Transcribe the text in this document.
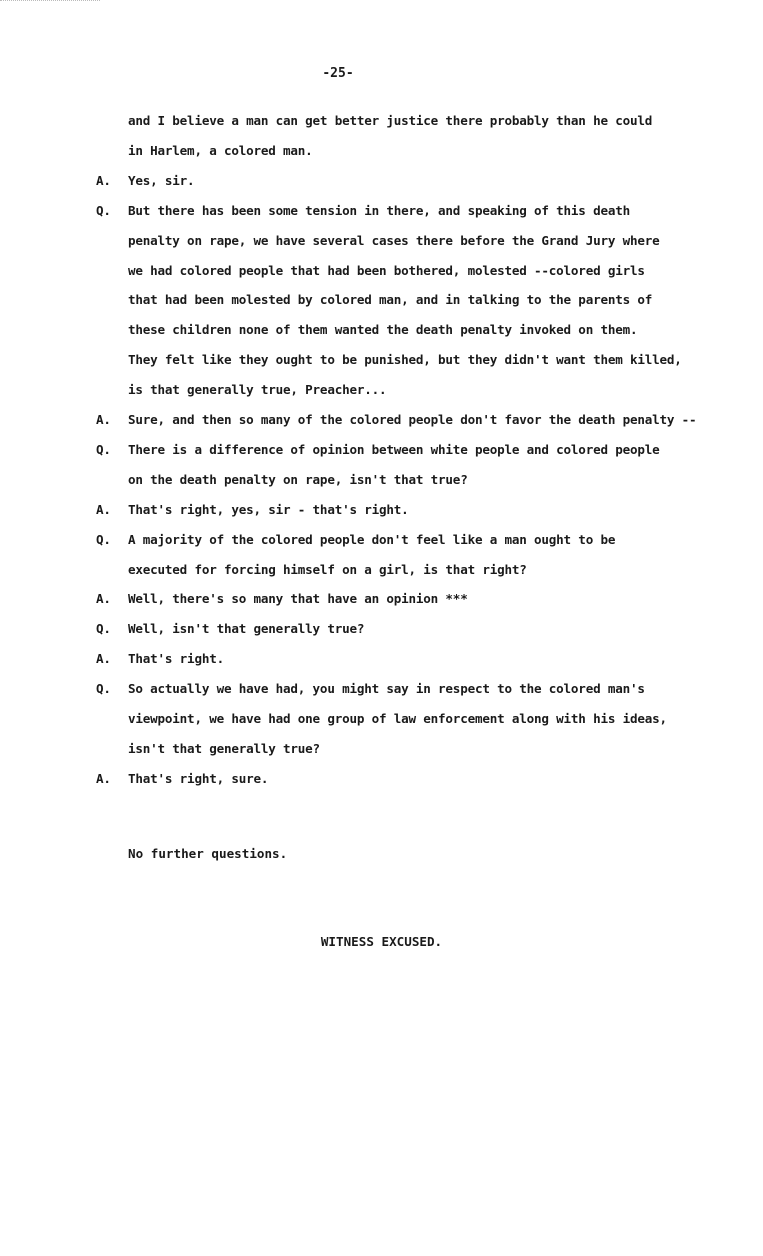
-25-
and I believe a man can get better justice there probably than he could
in Harlem, a colored man.
A.	Yes, sir.
Q.	But there has been some tension in there, and speaking of this death
penalty on rape, we have several cases there before the Grand Jury where
we had colored people that had been bothered, molested --colored girls
that had been molested by colored man, and in talking to the parents of
these children none of them wanted the death penalty invoked on them.
They felt like they ought to be punished, but they didn't want them killed,
is that generally true, Preacher...
A.	Sure, and then so many of the colored people don't favor the death penalty --
Q.	There is a difference of opinion between white people and colored people
on the death penalty on rape, isn't that true?
A.	That's right, yes, sir - that's right.
Q.	A majority of the colored people don't feel like a man ought to be
executed for forcing himself on a girl, is that right?
A.	Well, there's so many that have an opinion ***
Q.	Well, isn't that generally true?
A.	That's right.
Q.	So actually we have had, you might say in respect to the colored man's
viewpoint, we have had one group of law enforcement along with his ideas,
isn't that generally true?
A.	That's right, sure.
No further questions.
WITNESS EXCUSED.
